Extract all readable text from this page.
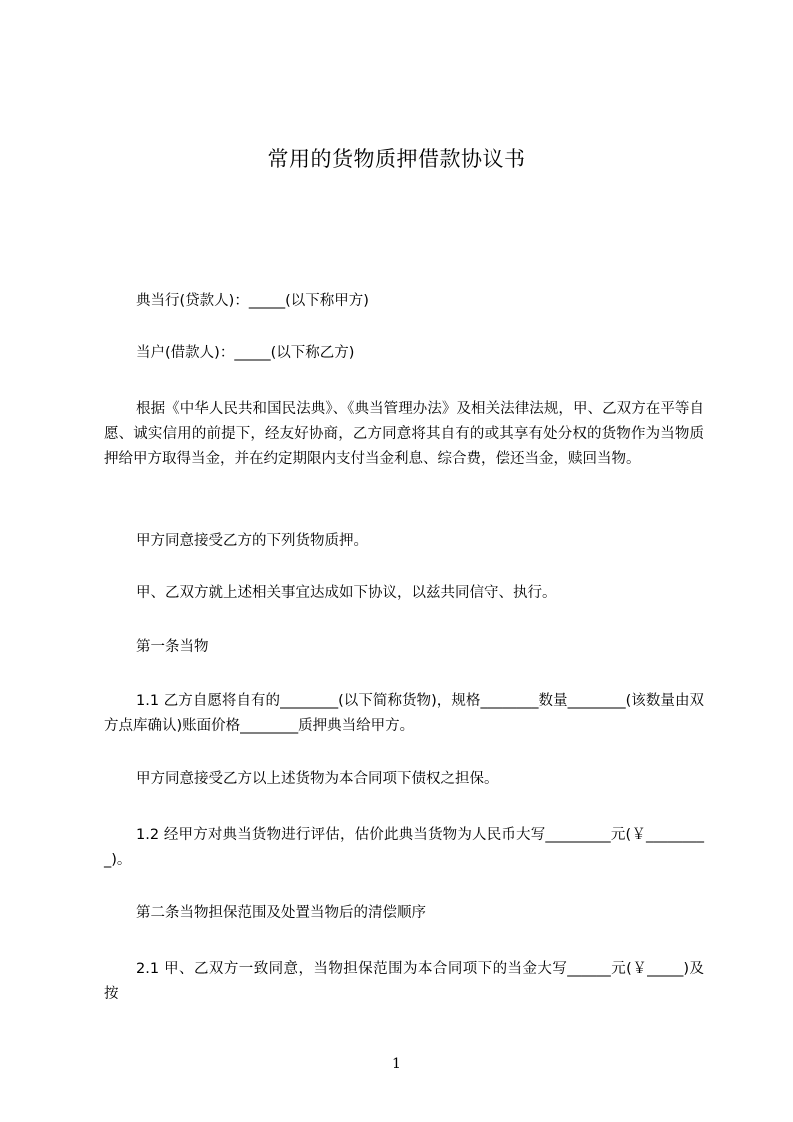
常用的货物质押借款协议书
典当行(贷款人)：_____(以下称甲方)
当户(借款人)：_____(以下称乙方)
根据《中华人民共和国民法典》、《典当管理办法》及相关法律法规，甲、乙双方在平等自愿、诚实信用的前提下，经友好协商，乙方同意将其自有的或其享有处分权的货物作为当物质押给甲方取得当金，并在约定期限内支付当金利息、综合费，偿还当金，赎回当物。
甲方同意接受乙方的下列货物质押。
甲、乙双方就上述相关事宜达成如下协议，以兹共同信守、执行。
第一条当物
1.1 乙方自愿将自有的________(以下简称货物)，规格________数量________(该数量由双方点库确认)账面价格________质押典当给甲方。
甲方同意接受乙方以上述货物为本合同项下债权之担保。
1.2 经甲方对典当货物进行评估，估价此典当货物为人民币大写_________元(￥_________)。
第二条当物担保范围及处置当物后的清偿顺序
2.1 甲、乙双方一致同意，当物担保范围为本合同项下的当金大写______元(￥_____)及按
1
